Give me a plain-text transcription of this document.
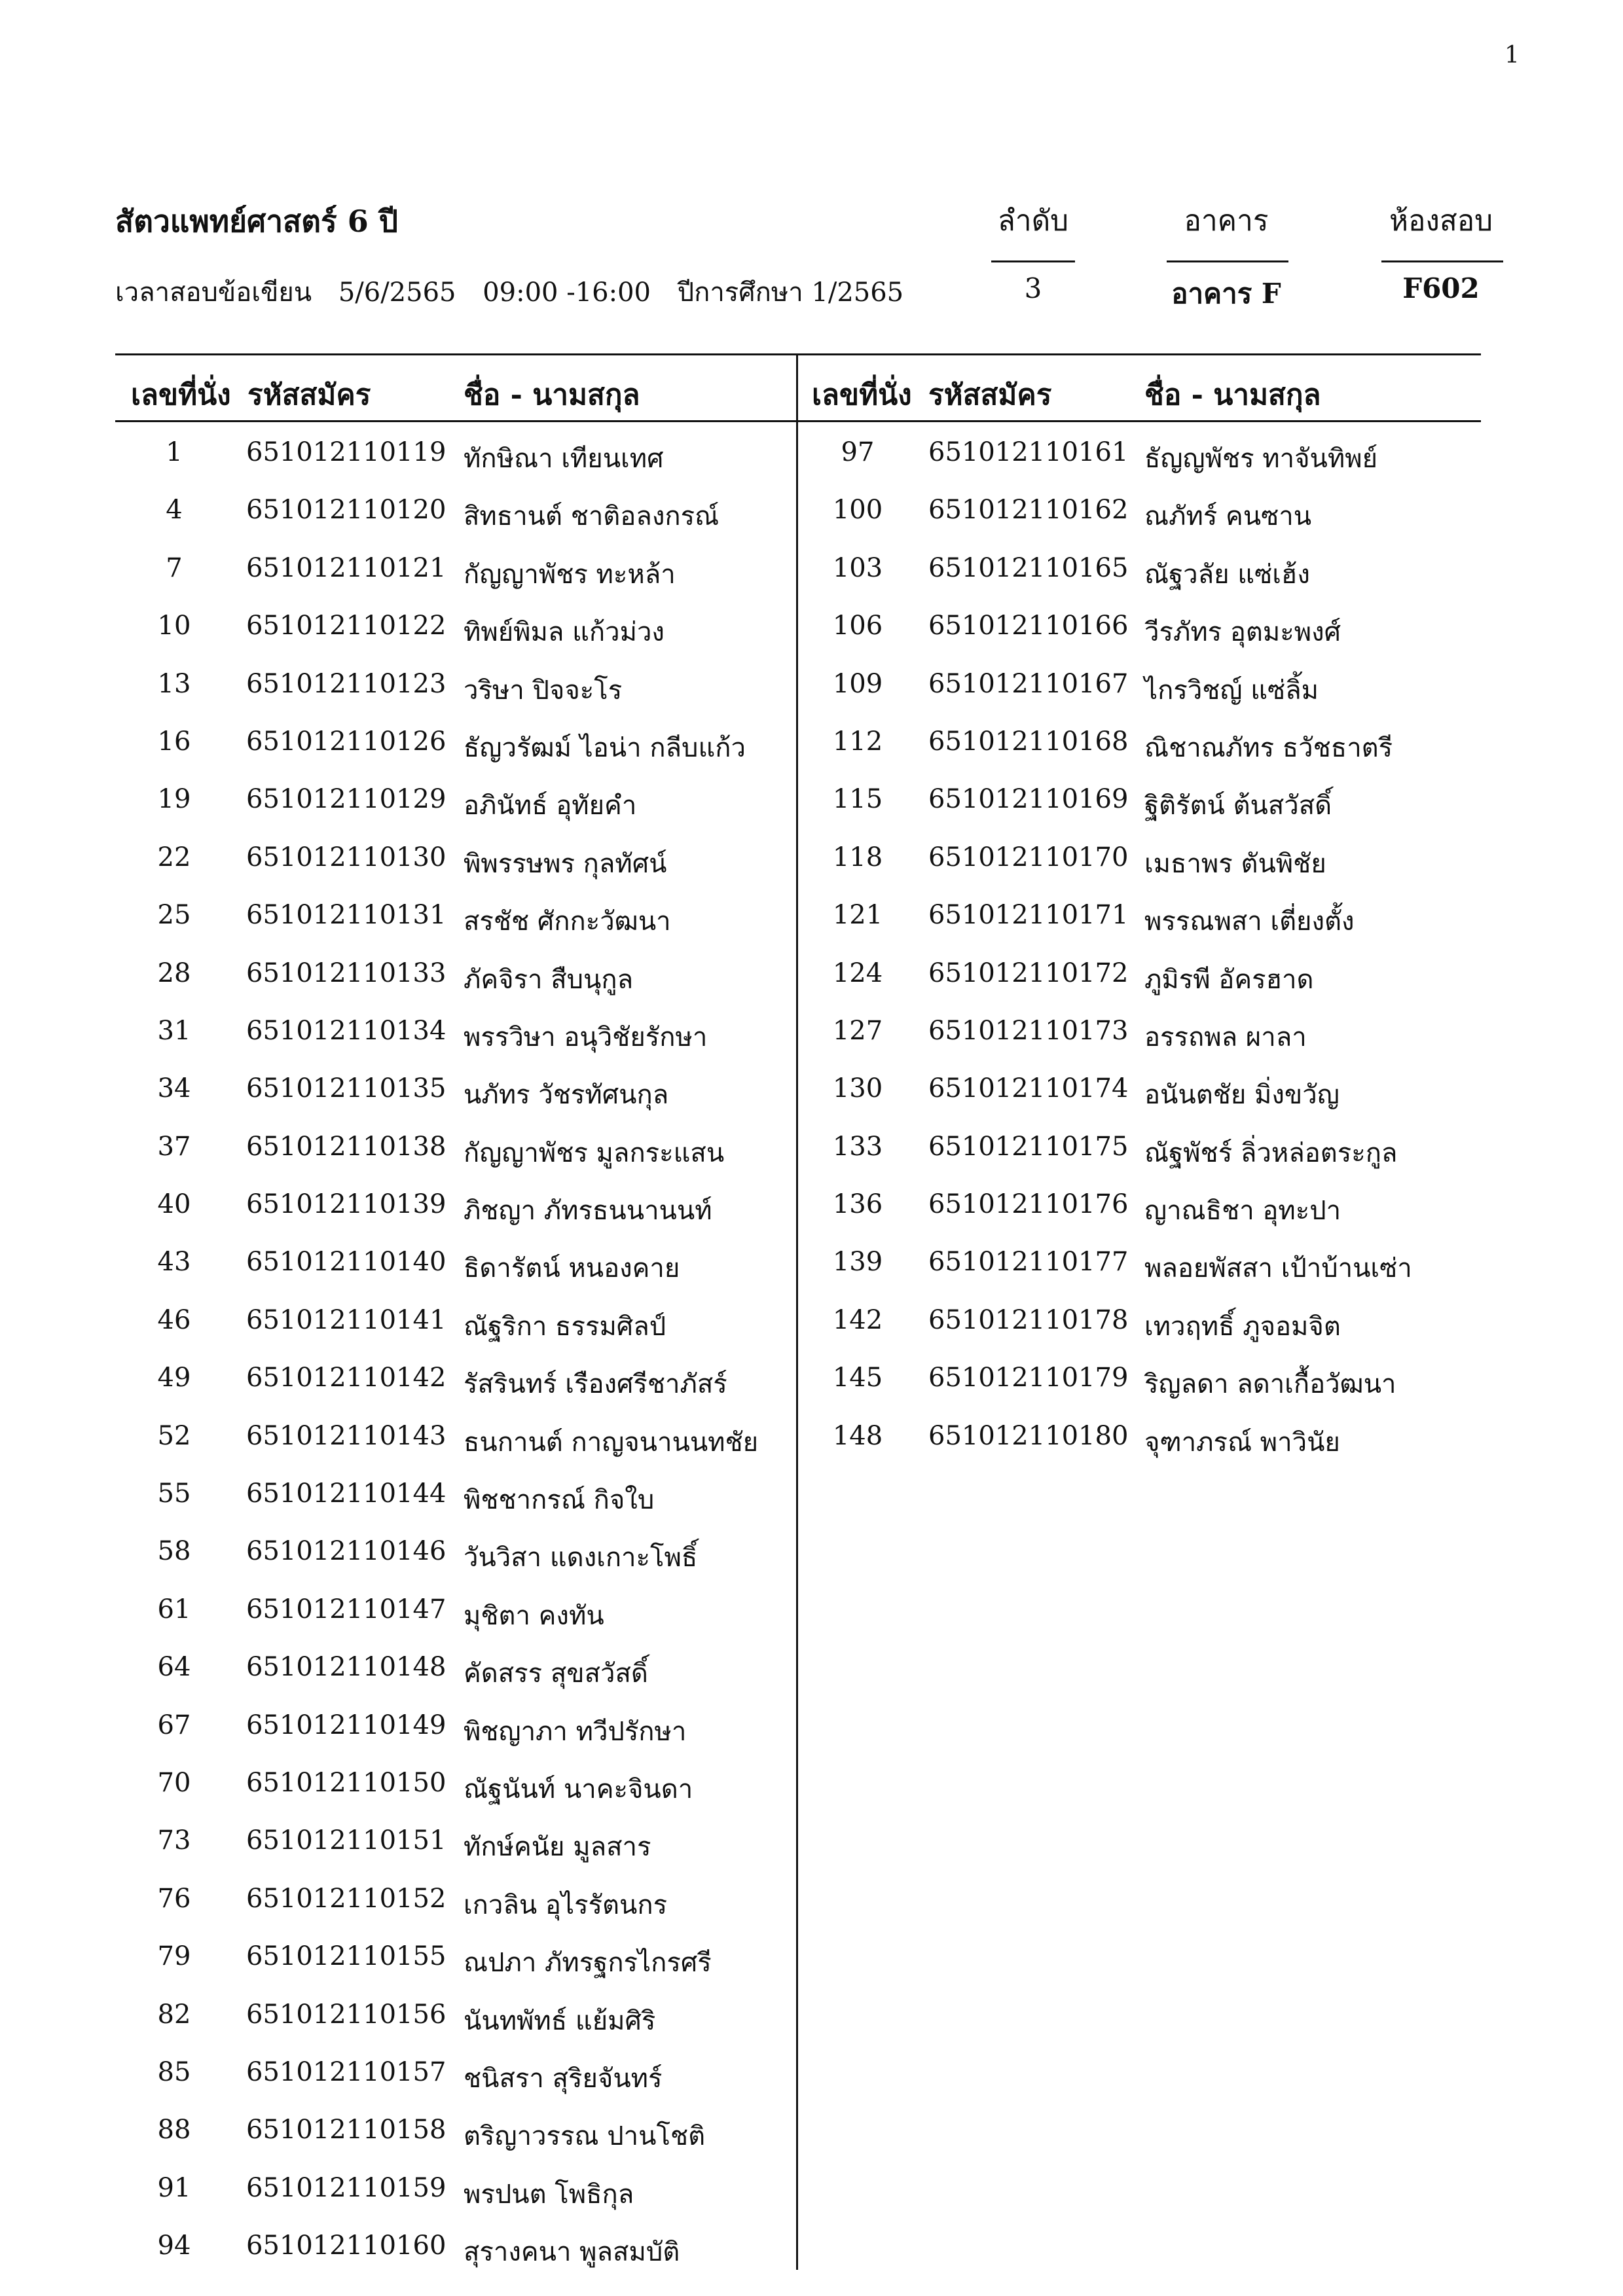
1
สัตวแพทย์ศาสตร์ 6 ปี
เวลาสอบข้อเขียน 5/6/2565 09:00 -16:00 ปีการศึกษา 1/2565
ลำดับ	อาคาร	ห้องสอบ
3	อาคาร F	F602
เลขที่นั่ง รหัสสมัคร	ชื่อ - นามสกุล	เลขที่นั่ง รหัสสมัคร	ชื่อ - นามสกุล
1	651012110119 ทักษิณา เทียนเทศ
4	651012110120 สิทธานต์ ชาติอลงกรณ์
7	651012110121 กัญญาพัชร ทะหล้า
10	651012110122 ทิพย์พิมล แก้วม่วง
13	651012110123 วริษา ปิจจะโร
16	651012110126 ธัญวรัฒม์ ไอน่า กลีบแก้ว
19	651012110129 อภินัทธ์ อุทัยคำ
22	651012110130 พิพรรษพร กุลทัศน์
25	651012110131 สรชัช ศักกะวัฒนา
28	651012110133 ภัคจิรา สืบนุกูล
31	651012110134 พรรวิษา อนุวิชัยรักษา
34	651012110135 นภัทร วัชรทัศนกุล
37	651012110138 กัญญาพัชร มูลกระแสน
40	651012110139 ภิชญา ภัทรธนนานนท์
43	651012110140 ธิดารัตน์ หนองคาย
46	651012110141 ณัฐริกา ธรรมศิลป์
49	651012110142 รัสรินทร์ เรืองศรีชาภัสร์
52	651012110143 ธนกานต์ กาญจนานนทชัย
55	651012110144 พิชชากรณ์ กิจใบ
58	651012110146 วันวิสา แดงเกาะโพธิ์
61	651012110147 มุชิตา คงทัน
64	651012110148 คัดสรร สุขสวัสดิ์
67	651012110149 พิชญาภา ทวีปรักษา
70	651012110150 ณัฐนันท์ นาคะจินดา
73	651012110151 ทักษ์คนัย มูลสาร
76	651012110152 เกวลิน อุไรรัตนกร
79	651012110155 ณปภา ภัทรฐกรไกรศรี
82	651012110156 นันทพัทธ์ แย้มศิริ
85	651012110157 ชนิสรา สุริยจันทร์
88	651012110158 ตริญาวรรณ ปานโชติ
91	651012110159 พรปนต โพธิกุล
94	651012110160 สุรางคนา พูลสมบัติ
97	651012110161 ธัญญพัชร ทาจันทิพย์
100	651012110162 ณภัทร์ คนซาน
103	651012110165 ณัฐวลัย แซ่เฮ้ง
106	651012110166 วีรภัทร อุตมะพงศ์
109	651012110167 ไกรวิชญ์ แซ่ลิ้ม
112	651012110168 ณิชาณภัทร ธวัชธาตรี
115	651012110169 ฐิติรัตน์ ต้นสวัสดิ์
118	651012110170 เมธาพร ตันพิชัย
121	651012110171 พรรณพสา เตี่ยงตั้ง
124	651012110172 ภูมิรพี อัครฮาด
127	651012110173 อรรถพล ผาลา
130	651012110174 อนันตชัย มิ่งขวัญ
133	651012110175 ณัฐพัชร์ ลิ่วหล่อตระกูล
136	651012110176 ญาณธิชา อุทะปา
139	651012110177 พลอยพัสสา เป้าบ้านเซ่า
142	651012110178 เทวฤทธิ์ ภูจอมจิต
145	651012110179 ริญลดา ลดาเกื้อวัฒนา
148	651012110180 จุฑาภรณ์ พาวินัย
